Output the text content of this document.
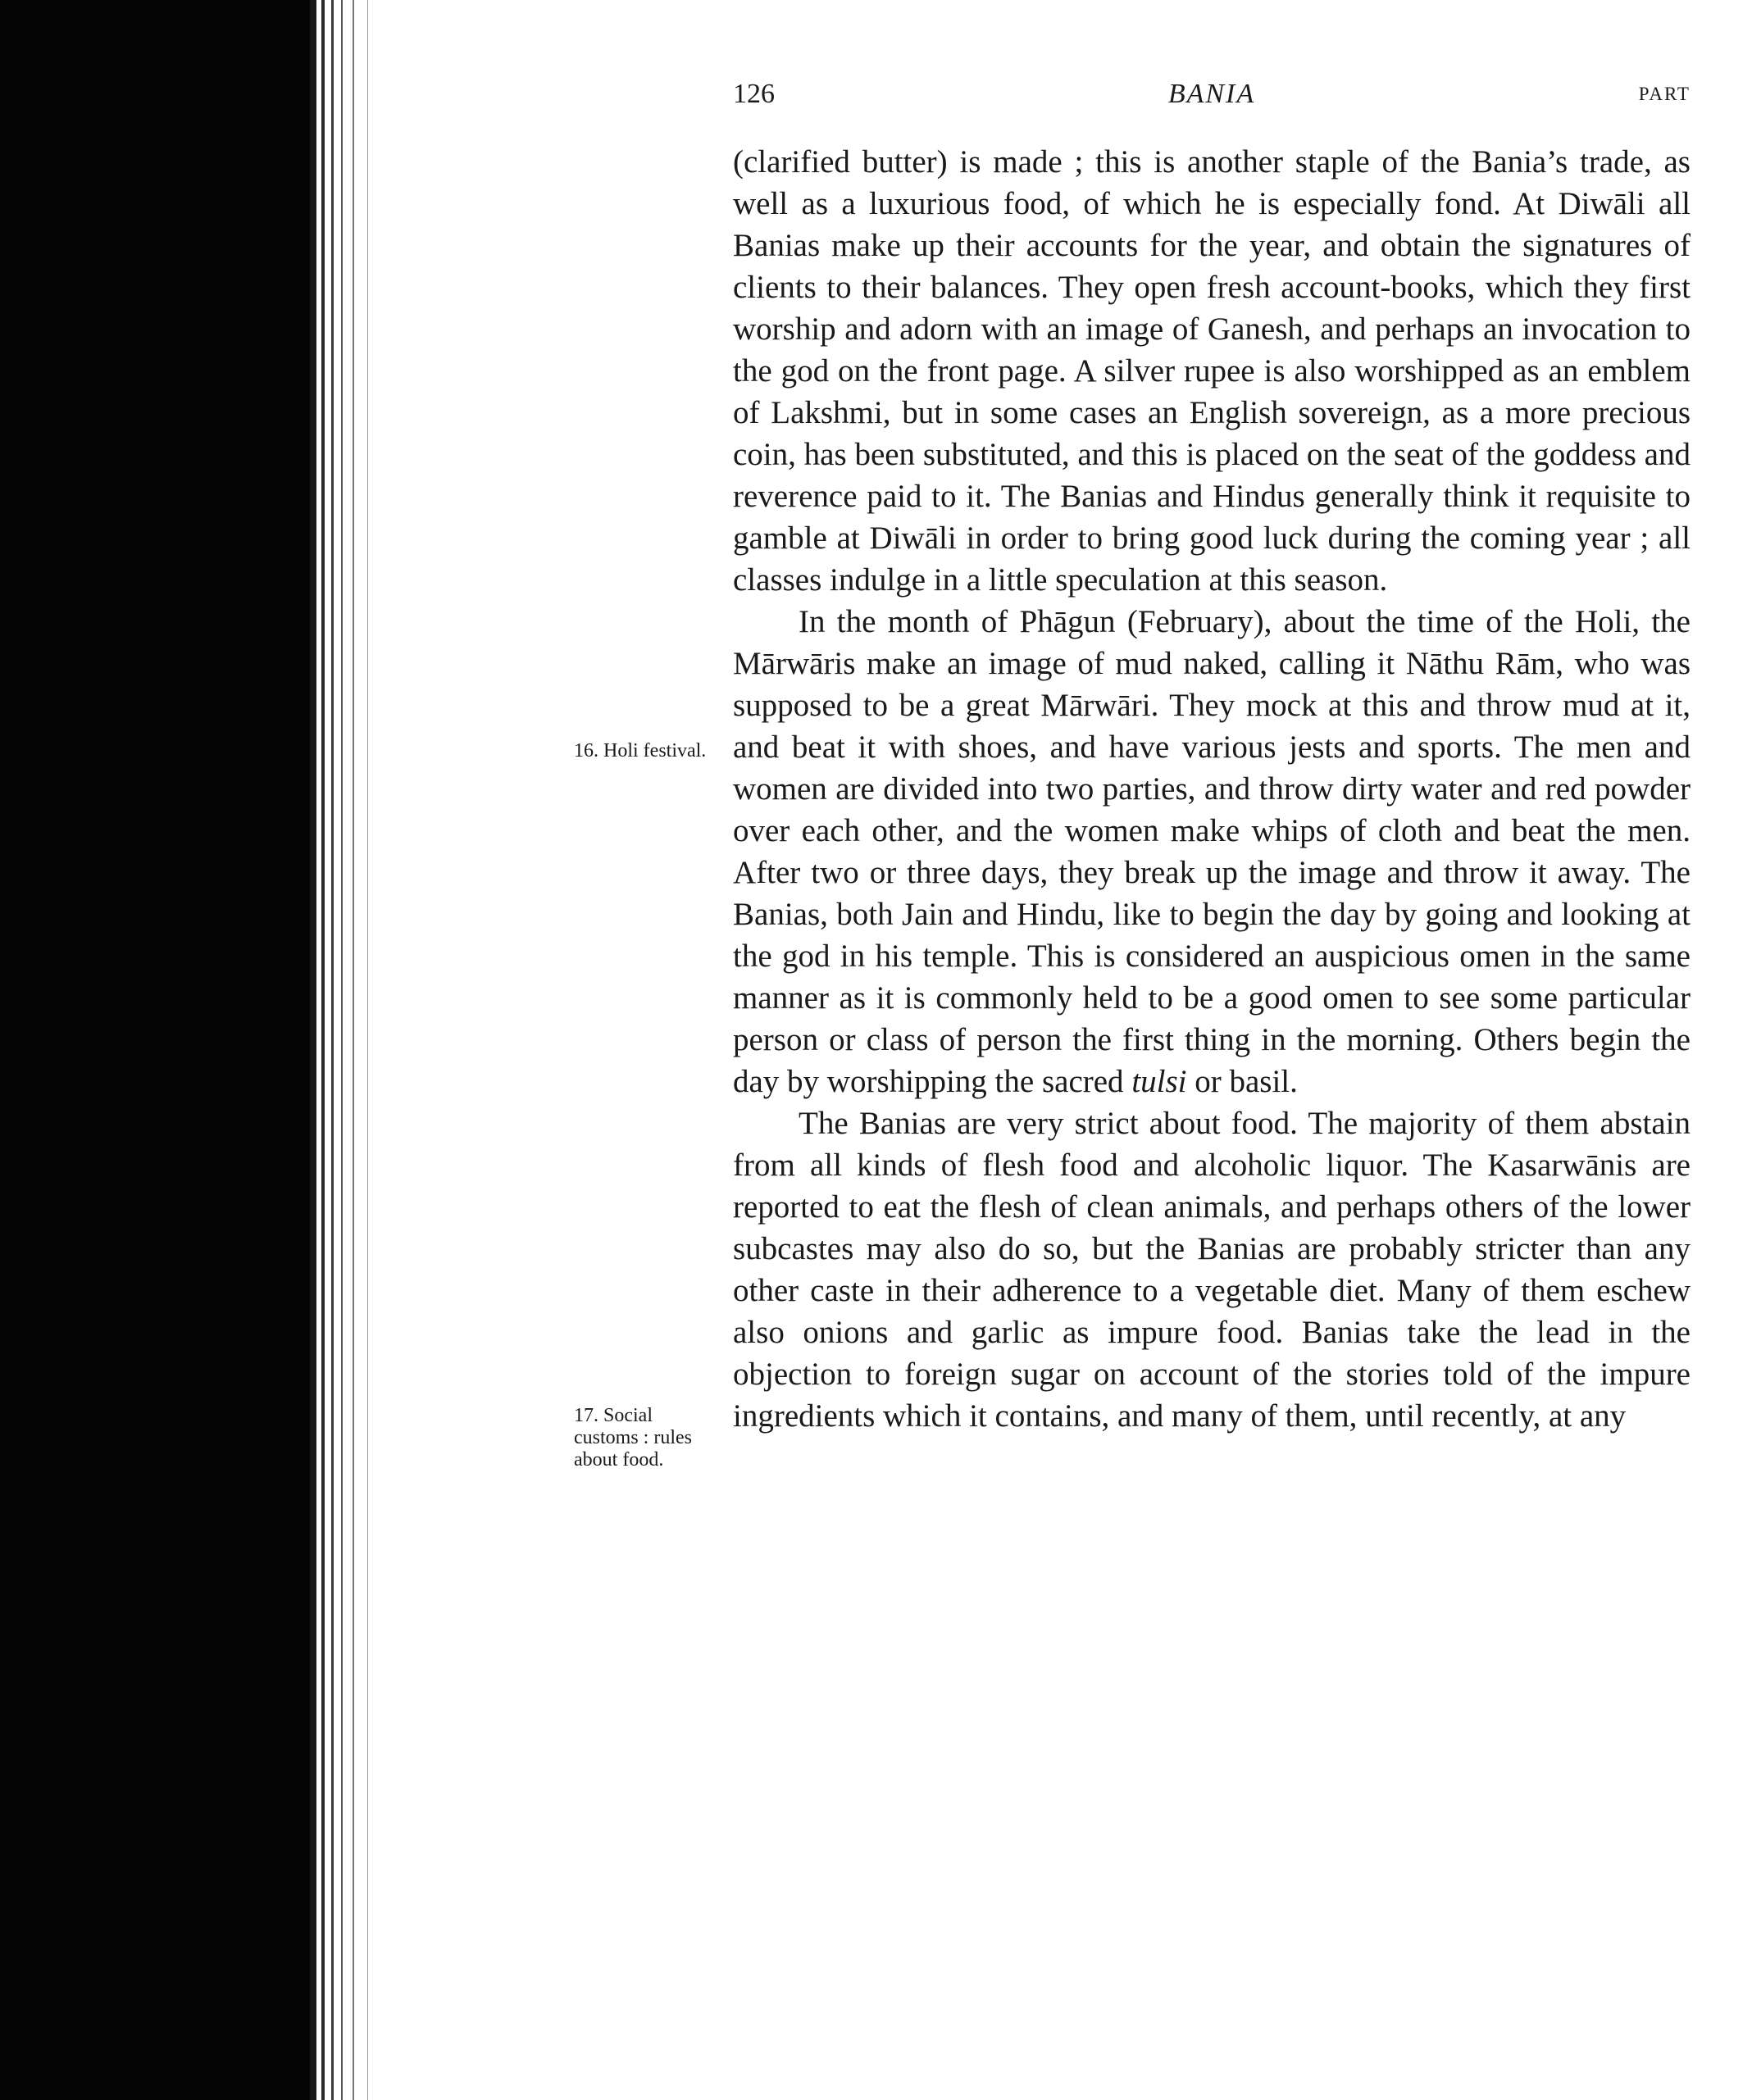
126	BANIA	PART
16. Holi festival.
17. Social customs : rules about food.

(clarified butter) is made ; this is another staple of the Bania’s trade, as well as a luxurious food, of which he is especially fond. At Diwāli all Banias make up their accounts for the year, and obtain the signatures of clients to their balances. They open fresh account-books, which they first worship and adorn with an image of Ganesh, and perhaps an invocation to the god on the front page. A silver rupee is also worshipped as an emblem of Lakshmi, but in some cases an English sovereign, as a more precious coin, has been substituted, and this is placed on the seat of the goddess and reverence paid to it. The Banias and Hindus generally think it requisite to gamble at Diwāli in order to bring good luck during the coming year ; all classes indulge in a little speculation at this season.

In the month of Phāgun (February), about the time of the Holi, the Mārwāris make an image of mud naked, calling it Nāthu Rām, who was supposed to be a great Mārwāri. They mock at this and throw mud at it, and beat it with shoes, and have various jests and sports. The men and women are divided into two parties, and throw dirty water and red powder over each other, and the women make whips of cloth and beat the men. After two or three days, they break up the image and throw it away. The Banias, both Jain and Hindu, like to begin the day by going and looking at the god in his temple. This is considered an auspicious omen in the same manner as it is commonly held to be a good omen to see some particular person or class of person the first thing in the morning. Others begin the day by worshipping the sacred tulsi or basil.

The Banias are very strict about food. The majority of them abstain from all kinds of flesh food and alcoholic liquor. The Kasarwānis are reported to eat the flesh of clean animals, and perhaps others of the lower subcastes may also do so, but the Banias are probably stricter than any other caste in their adherence to a vegetable diet. Many of them eschew also onions and garlic as impure food. Banias take the lead in the objection to foreign sugar on account of the stories told of the impure ingredients which it contains, and many of them, until recently, at any
